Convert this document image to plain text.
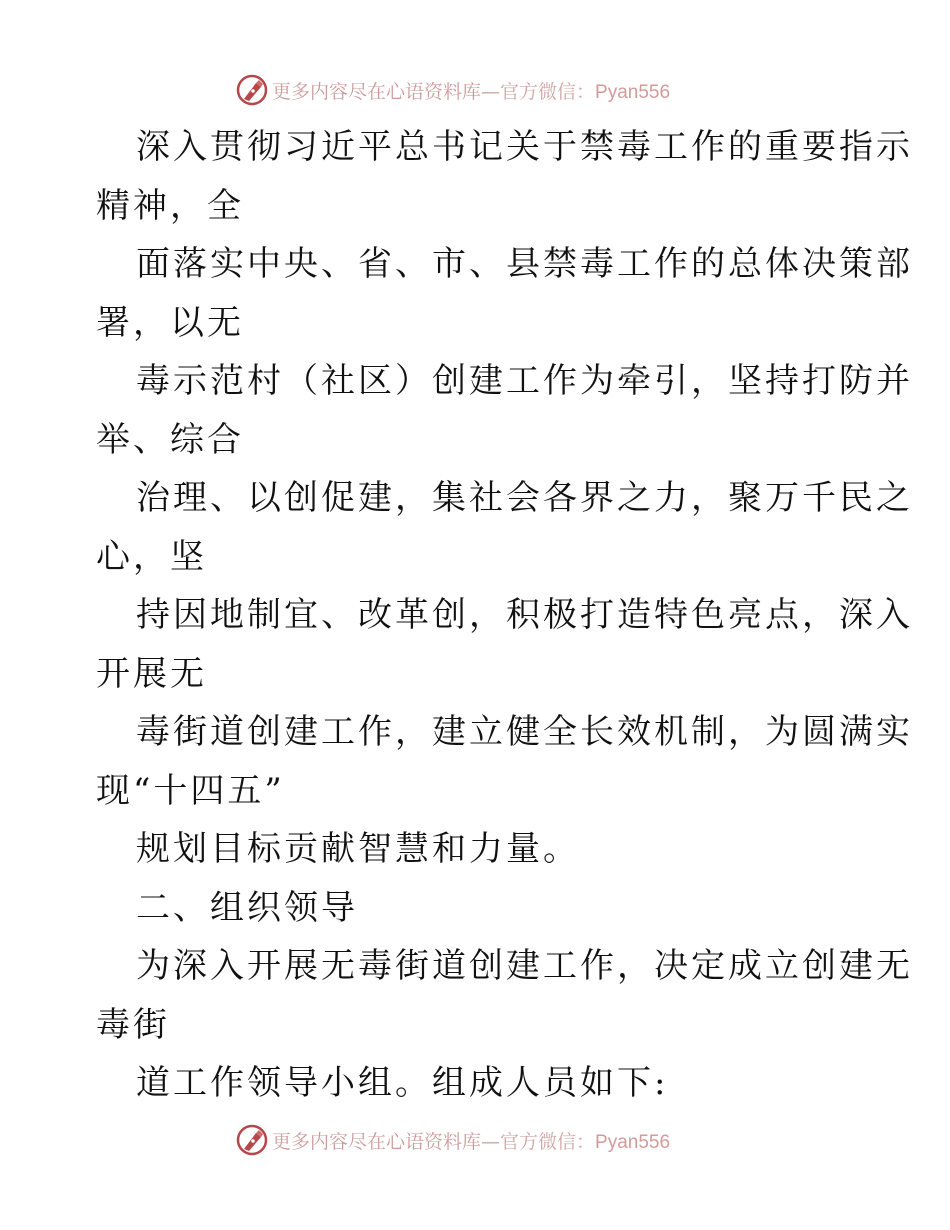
更多内容尽在心语资料库—官方微信：Pyan556
深入贯彻习近平总书记关于禁毒工作的重要指示
精神，全
面落实中央、省、市、县禁毒工作的总体决策部
署，以无
毒示范村（社区）创建工作为牵引，坚持打防并
举、综合
治理、以创促建，集社会各界之力，聚万千民之
心，坚
持因地制宜、改革创，积极打造特色亮点，深入
开展无
毒街道创建工作，建立健全长效机制，为圆满实
现“十四五”
规划目标贡献智慧和力量。
二、组织领导
为深入开展无毒街道创建工作，决定成立创建无
毒街
道工作领导小组。组成人员如下:
更多内容尽在心语资料库—官方微信：Pyan556
